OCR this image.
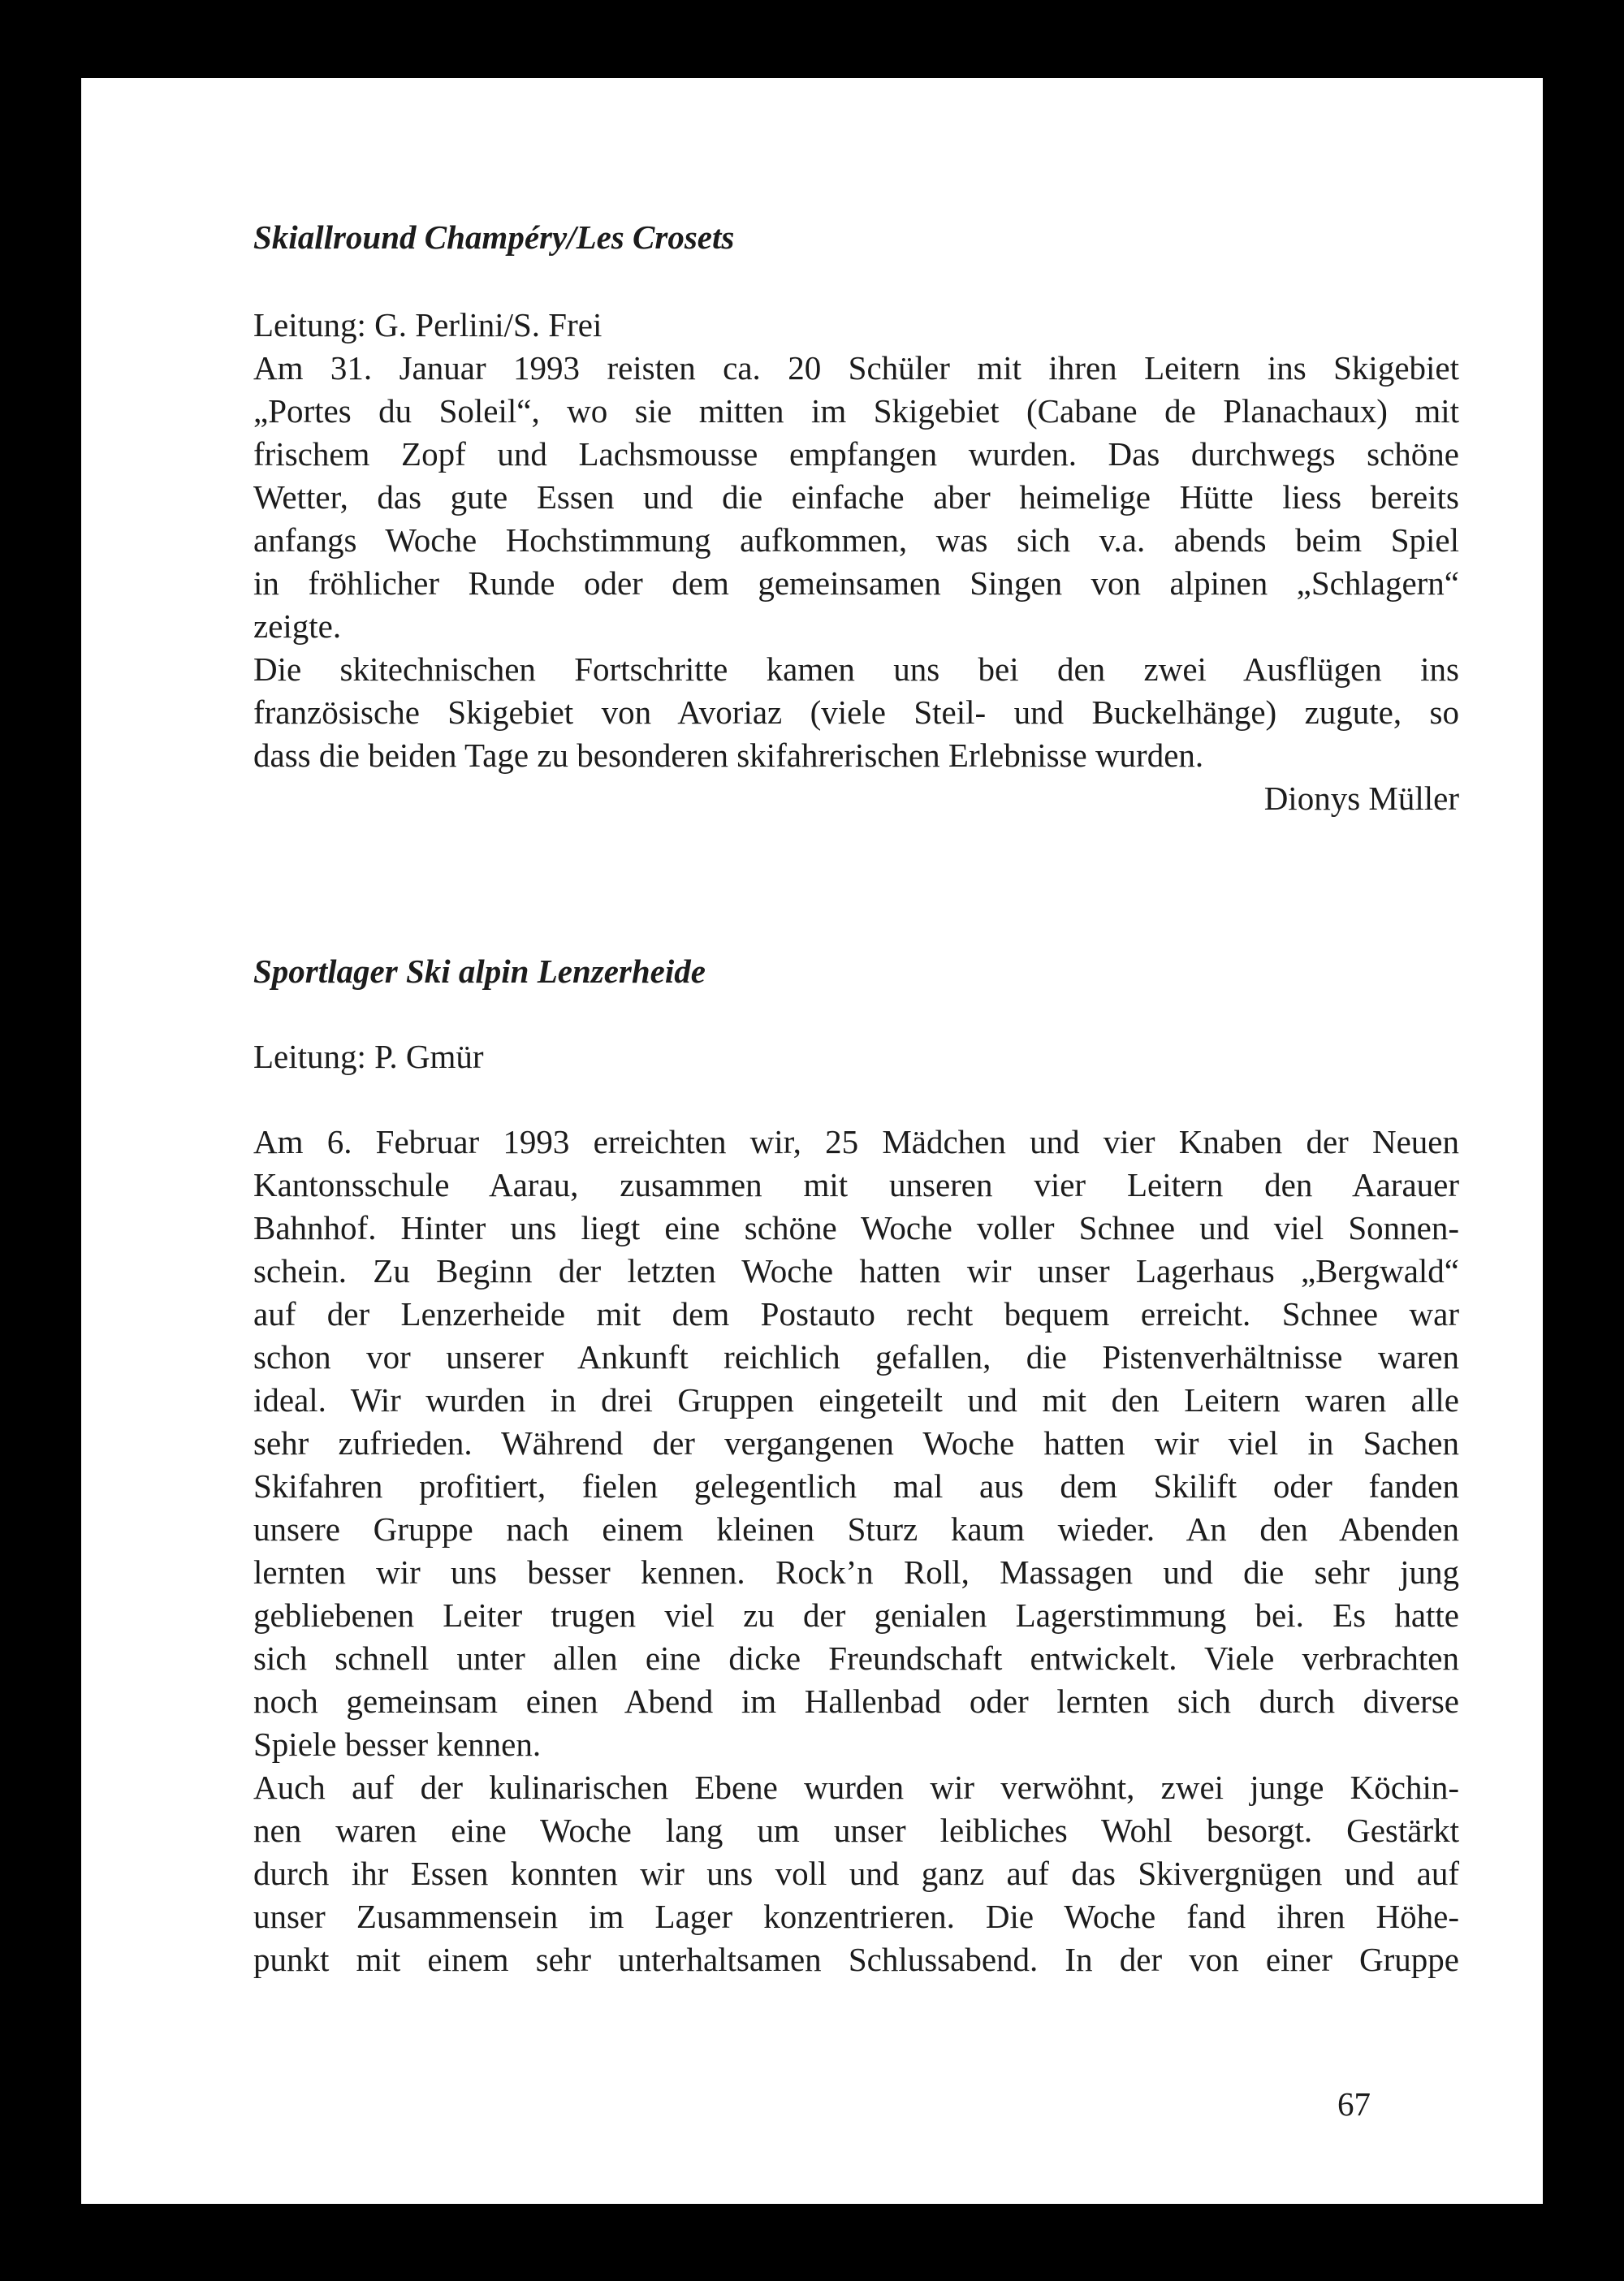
Skiallround Champéry/Les Crosets

Leitung: G. Perlini/S. Frei

Am 31. Januar 1993 reisten ca. 20 Schüler mit ihren Leitern ins Skigebiet
„Portes du Soleil“, wo sie mitten im Skigebiet (Cabane de Planachaux) mit
frischem Zopf und Lachsmousse empfangen wurden. Das durchwegs schöne
Wetter, das gute Essen und die einfache aber heimelige Hütte liess bereits
anfangs Woche Hochstimmung aufkommen, was sich v.a. abends beim Spiel
in fröhlicher Runde oder dem gemeinsamen Singen von alpinen „Schlagern“
zeigte.
Die skitechnischen Fortschritte kamen uns bei den zwei Ausflügen ins
französische Skigebiet von Avoriaz (viele Steil- und Buckelhänge) zugute, so
dass die beiden Tage zu besonderen skifahrerischen Erlebnisse wurden.

Dionys Müller

Sportlager Ski alpin Lenzerheide

Leitung: P. Gmür

Am 6. Februar 1993 erreichten wir, 25 Mädchen und vier Knaben der Neuen
Kantonsschule Aarau, zusammen mit unseren vier Leitern den Aarauer
Bahnhof. Hinter uns liegt eine schöne Woche voller Schnee und viel Sonnen-
schein. Zu Beginn der letzten Woche hatten wir unser Lagerhaus „Bergwald“
auf der Lenzerheide mit dem Postauto recht bequem erreicht. Schnee war
schon vor unserer Ankunft reichlich gefallen, die Pistenverhältnisse waren
ideal. Wir wurden in drei Gruppen eingeteilt und mit den Leitern waren alle
sehr zufrieden. Während der vergangenen Woche hatten wir viel in Sachen
Skifahren profitiert, fielen gelegentlich mal aus dem Skilift oder fanden
unsere Gruppe nach einem kleinen Sturz kaum wieder. An den Abenden
lernten wir uns besser kennen. Rock’n Roll, Massagen und die sehr jung
gebliebenen Leiter trugen viel zu der genialen Lagerstimmung bei. Es hatte
sich schnell unter allen eine dicke Freundschaft entwickelt. Viele verbrachten
noch gemeinsam einen Abend im Hallenbad oder lernten sich durch diverse
Spiele besser kennen.
Auch auf der kulinarischen Ebene wurden wir verwöhnt, zwei junge Köchin-
nen waren eine Woche lang um unser leibliches Wohl besorgt. Gestärkt
durch ihr Essen konnten wir uns voll und ganz auf das Skivergnügen und auf
unser Zusammensein im Lager konzentrieren. Die Woche fand ihren Höhe-
punkt mit einem sehr unterhaltsamen Schlussabend. In der von einer Gruppe

67
